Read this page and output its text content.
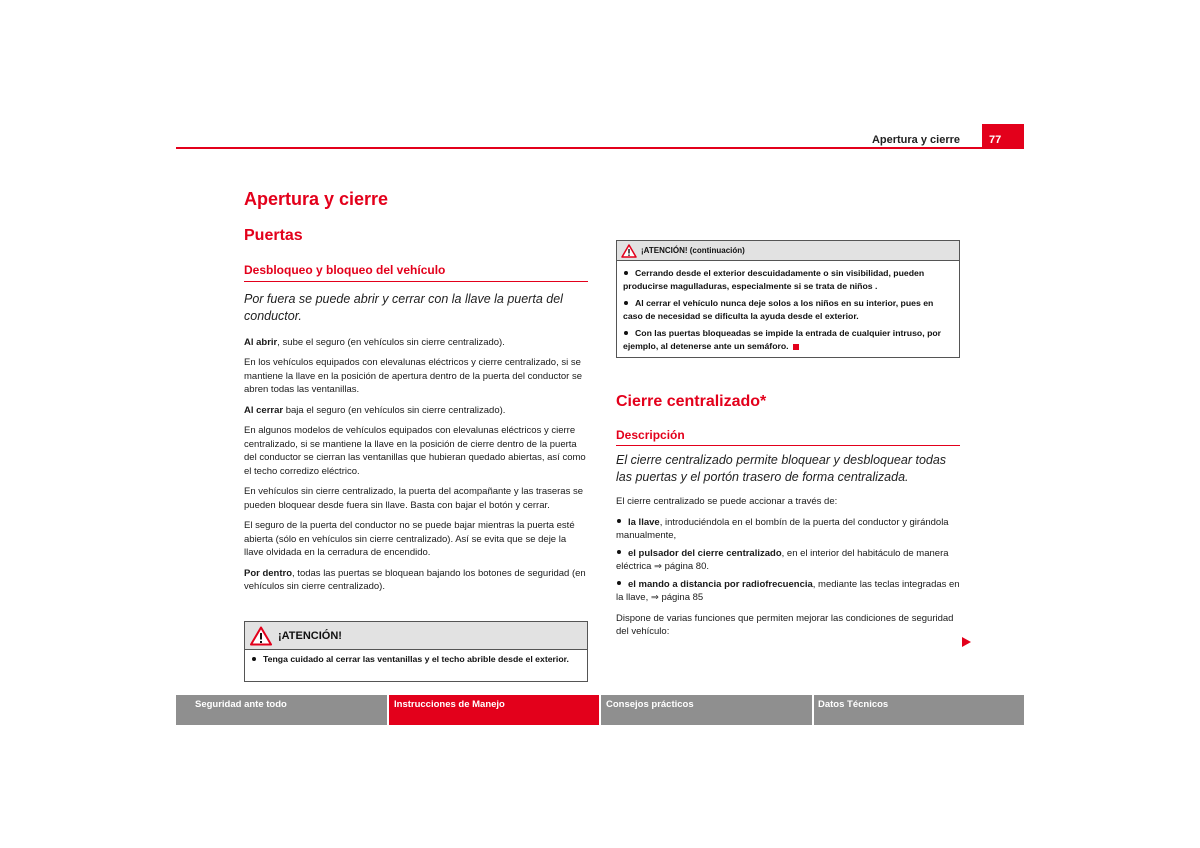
Apertura y cierre	77
Apertura y cierre
Puertas
Desbloqueo y bloqueo del vehículo

Por fuera se puede abrir y cerrar con la llave la puerta del conductor.

Al abrir, sube el seguro (en vehículos sin cierre centralizado).

En los vehículos equipados con elevalunas eléctricos y cierre centralizado, si se mantiene la llave en la posición de apertura dentro de la puerta del conductor se abren todas las ventanillas.

Al cerrar baja el seguro (en vehículos sin cierre centralizado).

En algunos modelos de vehículos equipados con elevalunas eléctricos y cierre centralizado, si se mantiene la llave en la posición de cierre dentro de la puerta del conductor se cierran las ventanillas que hubieran quedado abiertas, así como el techo corredizo eléctrico.

En vehículos sin cierre centralizado, la puerta del acompañante y las traseras se pueden bloquear desde fuera sin llave. Basta con bajar el botón y cerrar.

El seguro de la puerta del conductor no se puede bajar mientras la puerta esté abierta (sólo en vehículos sin cierre centralizado). Así se evita que se deje la llave olvidada en la cerradura de encendido.

Por dentro, todas las puertas se bloquean bajando los botones de seguridad (en vehículos sin cierre centralizado).

¡ATENCIÓN!
Tenga cuidado al cerrar las ventanillas y el techo abrible desde el exterior.
¡ATENCIÓN! (continuación)
Cerrando desde el exterior descuidadamente o sin visibilidad, pueden producirse magulladuras, especialmente si se trata de niños .
Al cerrar el vehículo nunca deje solos a los niños en su interior, pues en caso de necesidad se dificulta la ayuda desde el exterior.
Con las puertas bloqueadas se impide la entrada de cualquier intruso, por ejemplo, al detenerse ante un semáforo.
Cierre centralizado*
Descripción

El cierre centralizado permite bloquear y desbloquear todas las puertas y el portón trasero de forma centralizada.

El cierre centralizado se puede accionar a través de:

la llave, introduciéndola en el bombín de la puerta del conductor y girándola manualmente,
el pulsador del cierre centralizado, en el interior del habitáculo de manera eléctrica ⇒ página 80.
el mando a distancia por radiofrecuencia, mediante las teclas integradas en la llave, ⇒ página 85

Dispone de varias funciones que permiten mejorar las condiciones de seguridad del vehículo:

Seguridad ante todo	Instrucciones de Manejo	Consejos prácticos	Datos Técnicos
